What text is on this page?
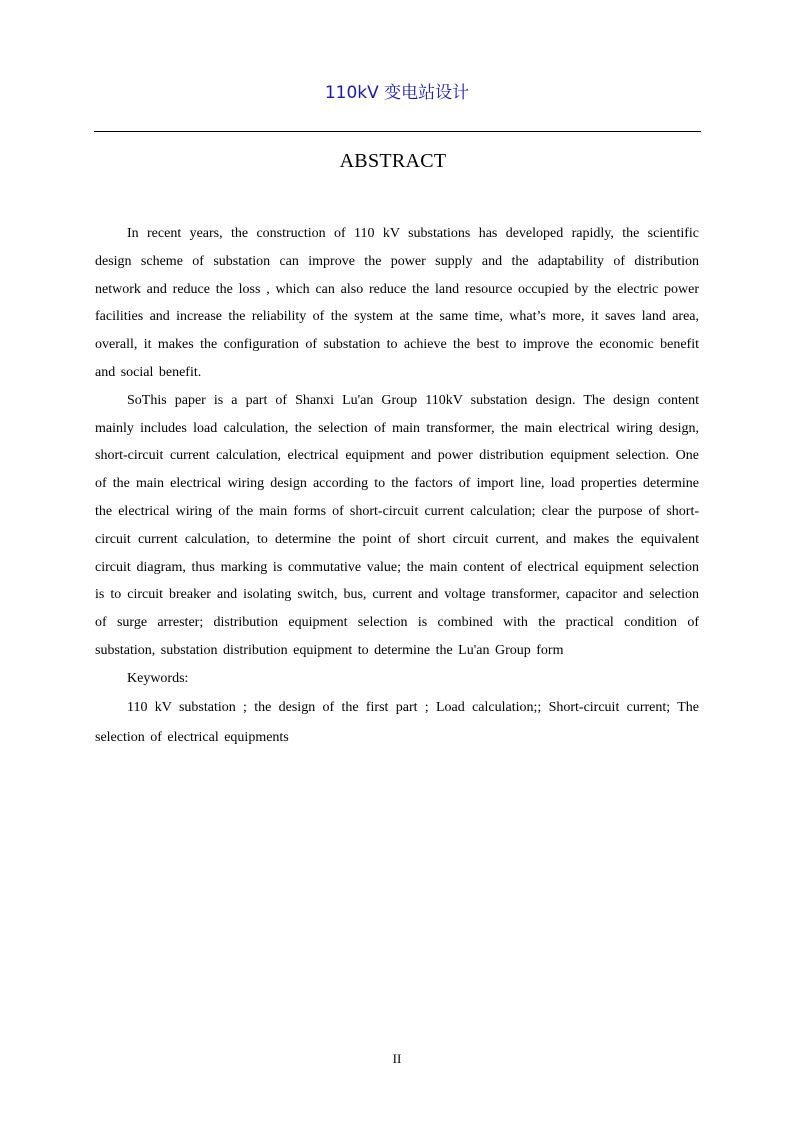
110kV 变电站设计
ABSTRACT

In recent years, the construction of 110 kV substations has developed rapidly, the scientific design scheme of substation can improve the power supply and the adaptability of distribution network and reduce the loss , which can also reduce the land resource occupied by the electric power facilities and increase the reliability of the system at the same time, what’s more, it saves land area, overall, it makes the configuration of substation to achieve the best to improve the economic benefit and social benefit.

SoThis paper is a part of Shanxi Lu'an Group 110kV substation design. The design content mainly includes load calculation, the selection of main transformer, the main electrical wiring design, short-circuit current calculation, electrical equipment and power distribution equipment selection. One of the main electrical wiring design according to the factors of import line, load properties determine the electrical wiring of the main forms of short-circuit current calculation; clear the purpose of short-circuit current calculation, to determine the point of short circuit current, and makes the equivalent circuit diagram, thus marking is commutative value; the main content of electrical equipment selection is to circuit breaker and isolating switch, bus, current and voltage transformer, capacitor and selection of surge arrester; distribution equipment selection is combined with the practical condition of substation, substation distribution equipment to determine the Lu'an Group form

Keywords:

110 kV substation ; the design of the first part ; Load calculation;; Short-circuit current; The selection of electrical equipments

II
